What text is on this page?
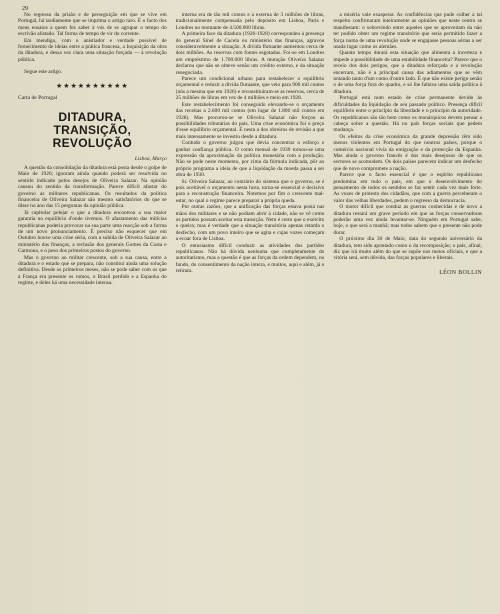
29

No regresso da prisão e de perseguição em que se vive em Portugal, há tardiamente que se imprima o artigo raro. É o facto dos meus ensaios a quem fez saber à vós de se agrupar o tempo do escrivão alistado. Tal forma de tempo de vir do corrente.

Em mendigo, com o anistiador e verdade possível de fornecimento de ideias entre a prática francesa, a Inquisição da obra da ditadura, e dessa vez clara uma situação forçada — à revolução pública.

Segue este artigo.

★★★★★★★★★★
Carta de Portugal
DITADURA, TRANSIÇÃO, REVOLUÇÃO
Lisboa, Março

A questão da consolidação da ditadura está posta desde o golpe de Maio de 1926; ignoram ainda quando poderá ser resolvida no sentido indicado pelos desejos de Oliveira Salazar. Na opinião causou do sentido da transformação. Parece difícil afastar do governo as militares republicanas. Os resultados da política financeira de Oliveira Salazar são mesmo satisfatórios do que se disse no ano das 15 perguntas da opinião pública.

Já capitular pelejar o que a ditadura encontrou a sua maior garantia no equilíbrio d'onde tivemos. O afastamento das milícias republicanas poderia provocar na sua parte uma reacção sob a forma de um novo pronunciamento. É preciso não esquecer que em Outubro houve uma crise séria, com a subida de Oliveira Salazar ao ministério das finanças, a reclusão dos generais Gomes da Costa e Carmona, e o peso dos primeiros postos do governo.

Mas o governo ao militar crescente, sob a sua causa, entre a ditadura e o estado que se prepara, não constitui ainda uma solução definitiva. Desde os primeiros meses, não se pode saber com os que a França era presente os rumos, o Brasil perdido e a Espanha do regime, e deles há uma necessidade intensa.

interna era de tão mil contos e a externa de 3 milhões de libras, tradicionalmente compensada pelo depósito em Lisboa, Paris e Londres no montante de 4.500.000 libras.

A primeira face da ditadura (1926-1928) correspondeu à presença do general Sinel de Cacela no ministério das finanças, agravou consideravelmente a situação. A dívida flutuante aumentou cerca de dois milhões. As reservas com fontes esgotadas. Foi-se em Londres um empréstimo de 1.700.000 libras. A mutação Oliveira Salazar declarou que não se obteve senão um crédito externo, e da situação renegociada.

Parece um condicional urbano para restabelecer o equilíbrio orçamental e reduzir a dívida flutuante, que veio para 900 mil contos (nós a mesma que em 1926) e reconstituíram-se as reservas, cerca de 25 milhões de libras em vez de 4 milhões e meio em 1928.

Este restabelecimento foi conseguido elevando-se o orçamento das receitas a 2.600 mil contos (em lugar de 1.800 mil contos em 1928). Mas procurou-se se Oliveira Salazar não forçou as possibilidades tributárias do país. Uma crise económica foi o preço d'esse equilíbrio orçamental. É nesta a dos obreiros de revisão a que mais intensamente se investiu desde a ditadura.

Contudo o governo julgou que devia concentrar o esforço e ganhar confiança pública. O conto mensal de 1930 tornou-se uma expressão da aproximação da política monetária com a produção. Não se pode neste momento, por cima da fórmula indicada, pôr ao próprio programa a ideia de que a liquidação da moeda passa a ser obra de 1930.

Sr. Oliveira Salazar, ao contrário do sistema que o governo, se é pois aceitável o orçamento nesta hora, torna-se essencial e decisivo para a reconstrução financeira. Notemos por fim o crescente mal-estar, no qual o regime parece preparar a própria queda.

Por outras razões, que a unificação das forças estava posta nas mãos dos militares e se não podiam abrir à cidade, não se vê como os partidos possam aceitar esta transição. Nem é certo que o exército o queira; mas é verdade que a situação transitória apenas retarda o desfecho, com um povo inteiro que se agita e cujas vozes começam a ecoar fora de Lisboa.

O entusiasmo difícil conduzir as atividades dos partidos republicanos. Não há dúvida nenhuma que completamente do autoritarismo, mas a questão é que as forças da ordem dependem, no fundo, do consentimento da nação inteira, e muitos, aqui e além, já o retiram.

a miséria vale exasperar. As confidências que pude colher a tal respeito confirmaram inteiramente as opiniões que neste centro se manifestam: o sobrevindo entre aqueles que se aproveitam da não ter podido obter um regime transitório que seria permitido fazer a força numa de uma revolução onde se engajasse pessoas sérias a ser usada lugar como os alemães.

Quanto tempo durará esta situação que alimenta a incerteza e impede a possibilidade de uma estabilidade financeira? Parece que o receio dos dois perigos, que a ditadura reforçada e a revolução encerram, não é a principal causa das adiamentos que se vêm notando tanto d'um como d'outro lado. É que não existe perigo senão o de uma força fora do quadro, e só lhe faltava uma saída política à ditadura.

Portugal está num estado de crise permanente devido às dificuldades da liquidação de seu passado político. Presença difícil equilíbrio entre o princípio da liberdade e o princípio da autoridade. Os republicanos são tão bem como os monárquicos devem pensar a cabeça sobre a questão. Há no país forças sociais que pedem mudança.

Os efeitos da crise económica da grande depressão têm sido menos violentos em Portugal do que noutros países, porque o comércio nacional vivia da emigração e da protecção da Espanha. Mas ainda o governo francês é dos mais desejosos de que os sectores se acomodem. Os dois países parecem indicar um desfecho que de novo compromete a nação.

Parece que o facto essencial é que o espírito republicano predomina em tudo o país, em que o desenvolvimento do pensamento de todos os sentidos se faz sentir cada vez mais forte. As vozes de protesto dos cidadãos, que com a guerra perceberam o valor das velhas liberdades, pedem o regresso da democracia.

O motor difícil que conduz as guerras conhecidas e de novo a ditadura restará um grave período em que as forças conservadoras poderão uma vez ainda levantar-se. Ninguém em Portugal sabe, hoje, o que será a manhã; mas todos sabem que o presente não pode durar.

O próximo dia 30 de Maio, data do segundo aniversário da ditadura, tem sido apontado como o da recomposição; o país, afinal, diz que irá muito além do que se supõe nos meios oficiais, e que a vitória será, sem dúvida, das forças populares e liberais.

LÉON BOLLIN
